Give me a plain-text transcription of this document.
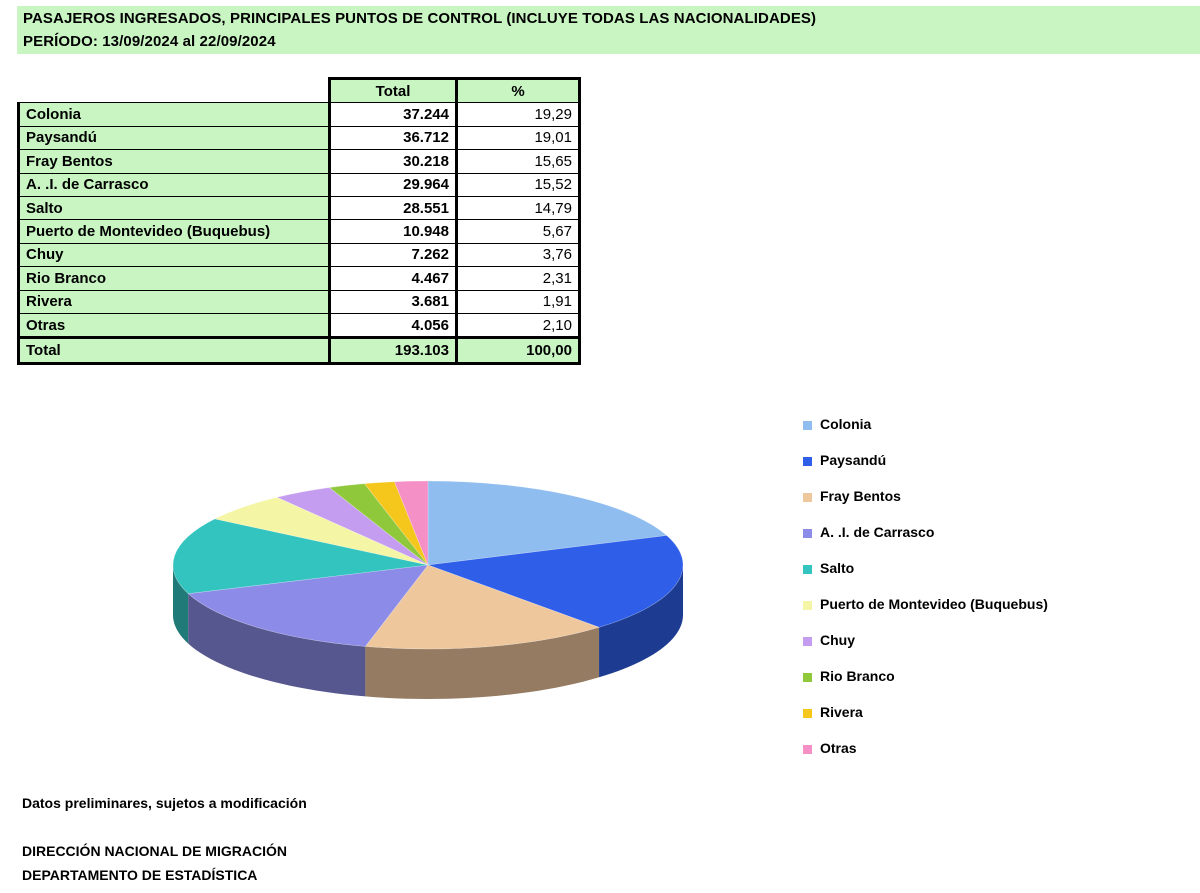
PASAJEROS INGRESADOS, PRINCIPALES PUNTOS DE CONTROL (INCLUYE TODAS LAS NACIONALIDADES)
PERÍODO: 13/09/2024 al 22/09/2024
	Total	%
Colonia	37.244	19,29
Paysandú	36.712	19,01
Fray Bentos	30.218	15,65
A. .I. de Carrasco	29.964	15,52
Salto	28.551	14,79
Puerto de Montevideo (Buquebus)	10.948	5,67
Chuy	7.262	3,76
Rio Branco	4.467	2,31
Rivera	3.681	1,91
Otras	4.056	2,10
Total	193.103	100,00
Colonia
Paysandú
Fray Bentos
A. .I. de Carrasco
Salto
Puerto de Montevideo (Buquebus)
Chuy
Rio Branco
Rivera
Otras
Datos preliminares, sujetos a modificación
DIRECCIÓN NACIONAL DE MIGRACIÓN
DEPARTAMENTO DE ESTADÍSTICA
